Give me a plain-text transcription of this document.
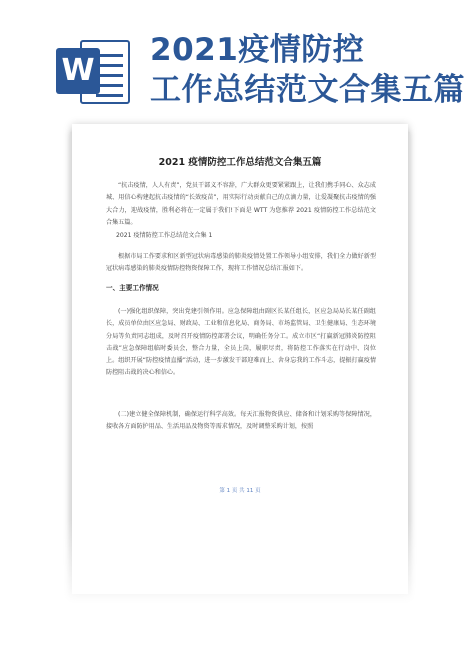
W
2021疫情防控
工作总结范文合集五篇
2021 疫情防控工作总结范文合集五篇
“抗击疫情，人人有责”，党员干部义不容辞，广大群众更要紧紧跟上，让我们携手同心、众志成城、用信心构建起抗击疫情的“长效疫苗”，用实际行动贡献自己的点滴力量，让爱凝聚抗击疫情的强大合力，迎战疫情，胜利必将在一定属于我们!下面是 WTT 为您推荐 2021 疫情防控工作总结范文合集五篇。
2021 疫情防控工作总结范文合集 1
根据市局工作要求和区新型冠状病毒感染的肺炎疫情处置工作领导小组安排，我们全力做好新型冠状病毒感染的肺炎疫情防控物资保障工作，现将工作情况总结汇报如下。
一、主要工作情况
(一)强化组织保障，突出党建引领作用。应急保障组由副区长某任组长，区应急局局长某任副组长，成员单位由区应急局、财政局、工业和信息化局、商务局、市场监管局、卫生健康局、生态环境分局等负责同志组成，及时召开疫情防控部署会议，明确任务分工。成立市区“打赢新冠肺炎防控阻击战”应急保障组临时委员会，整合力量，全员上岗，履职尽责，将防控工作落实在行动中、岗位上。组织开展“防控疫情直播”活动，进一步激发干部迎难而上、舍身忘我的工作斗志，提振打赢疫情防控阻击战的决心和信心。
(二)建立健全保障机制，确保运行科学高效。每天汇报物资供应、储备和计划采购等保障情况，接收各方面防护用品、生活用品及物资等需求情况，及时调整采购计划，按照
第 1 页 共 11 页
